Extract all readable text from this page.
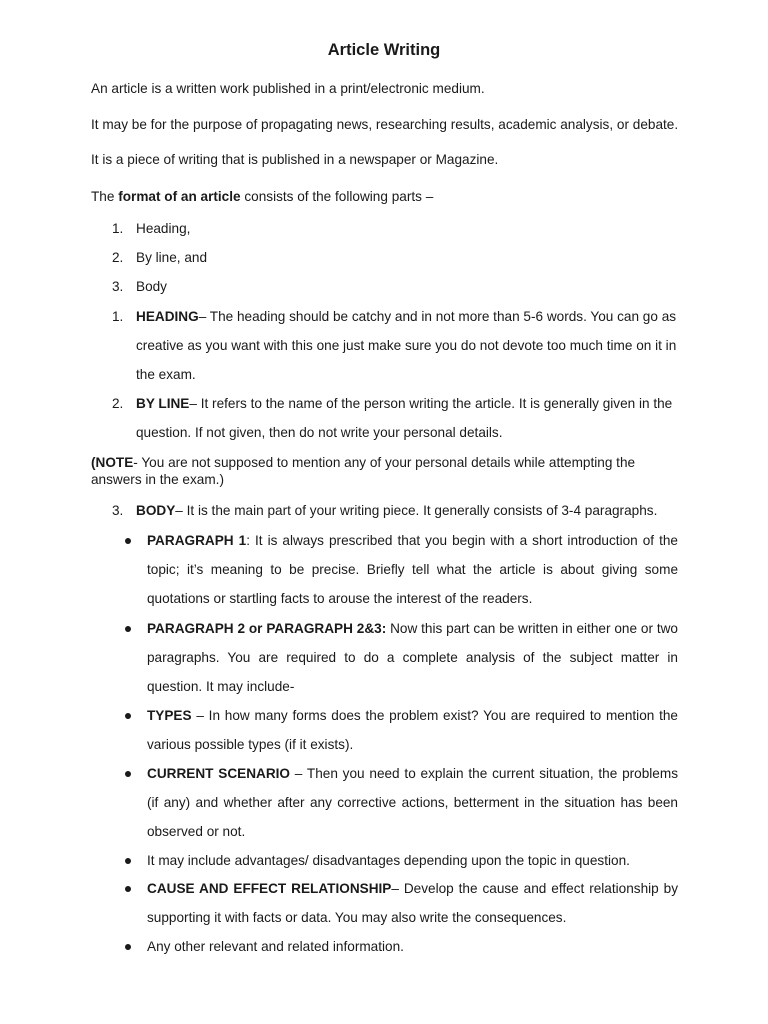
Article Writing
An article is a written work published in a print/electronic medium.
It may be for the purpose of propagating news, researching results, academic analysis, or debate.
It is a piece of writing that is published in a newspaper or Magazine.
The format of an article consists of the following parts –
1. Heading,
2. By line, and
3. Body
1. HEADING– The heading should be catchy and in not more than 5-6 words. You can go as creative as you want with this one just make sure you do not devote too much time on it in the exam.
2. BY LINE– It refers to the name of the person writing the article. It is generally given in the question. If not given, then do not write your personal details.
(NOTE- You are not supposed to mention any of your personal details while attempting the answers in the exam.)
3. BODY– It is the main part of your writing piece. It generally consists of 3-4 paragraphs.
PARAGRAPH 1: It is always prescribed that you begin with a short introduction of the topic; it’s meaning to be precise. Briefly tell what the article is about giving some quotations or startling facts to arouse the interest of the readers.
PARAGRAPH 2 or PARAGRAPH 2&3: Now this part can be written in either one or two paragraphs. You are required to do a complete analysis of the subject matter in question. It may include-
TYPES – In how many forms does the problem exist? You are required to mention the various possible types (if it exists).
CURRENT SCENARIO – Then you need to explain the current situation, the problems (if any) and whether after any corrective actions, betterment in the situation has been observed or not.
It may include advantages/ disadvantages depending upon the topic in question.
CAUSE AND EFFECT RELATIONSHIP– Develop the cause and effect relationship by supporting it with facts or data. You may also write the consequences.
Any other relevant and related information.
